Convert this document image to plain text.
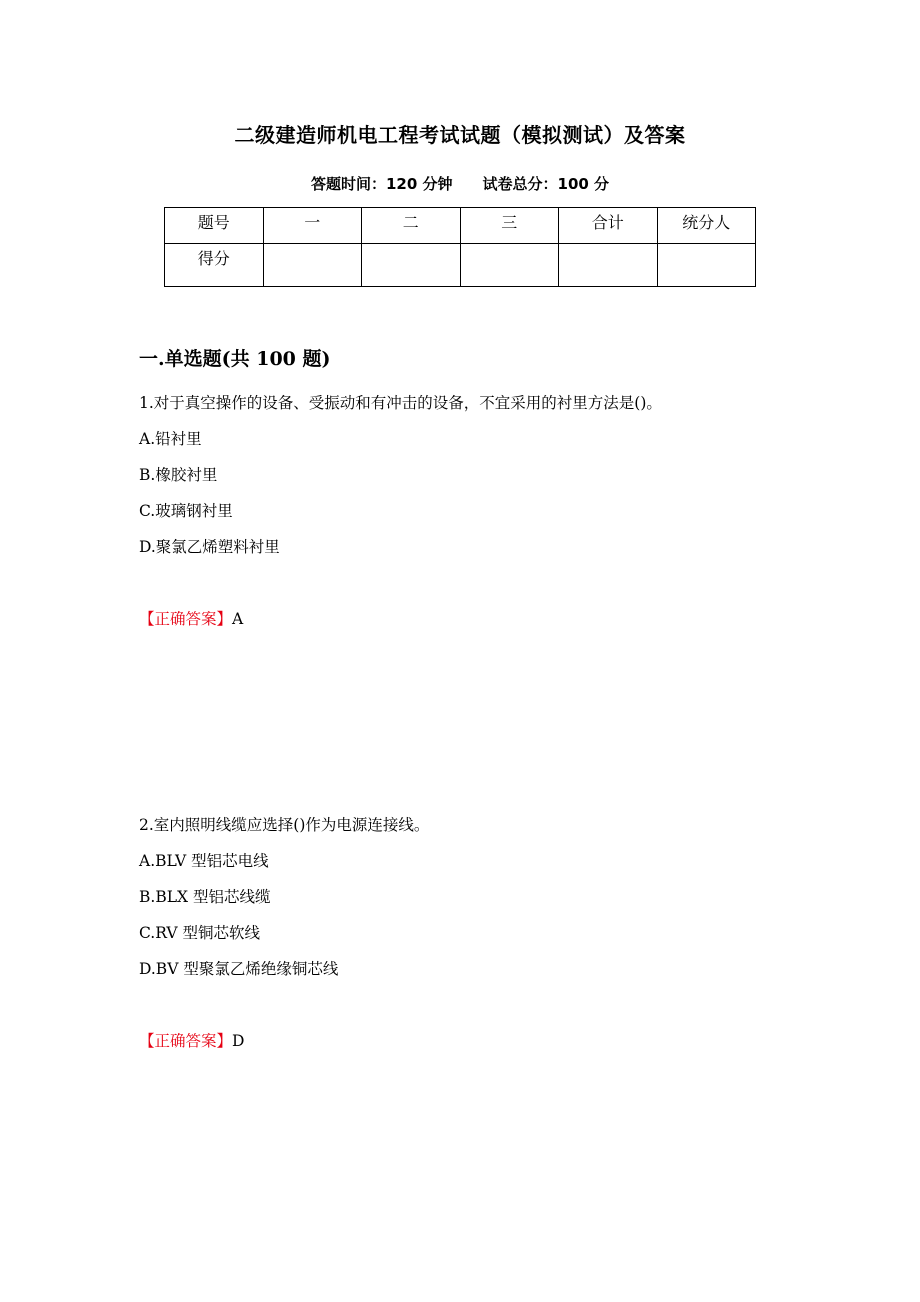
二级建造师机电工程考试试题（模拟测试）及答案
答题时间：120 分钟 试卷总分：100 分
题号	一	二	三	合计	统分人
得分					
一.单选题(共 100 题)
1.对于真空操作的设备、受振动和有冲击的设备，不宜采用的衬里方法是()。
A.铅衬里
B.橡胶衬里
C.玻璃钢衬里
D.聚氯乙烯塑料衬里
【正确答案】A
2.室内照明线缆应选择()作为电源连接线。
A.BLV 型铝芯电线
B.BLX 型铝芯线缆
C.RV 型铜芯软线
D.BV 型聚氯乙烯绝缘铜芯线
【正确答案】D
